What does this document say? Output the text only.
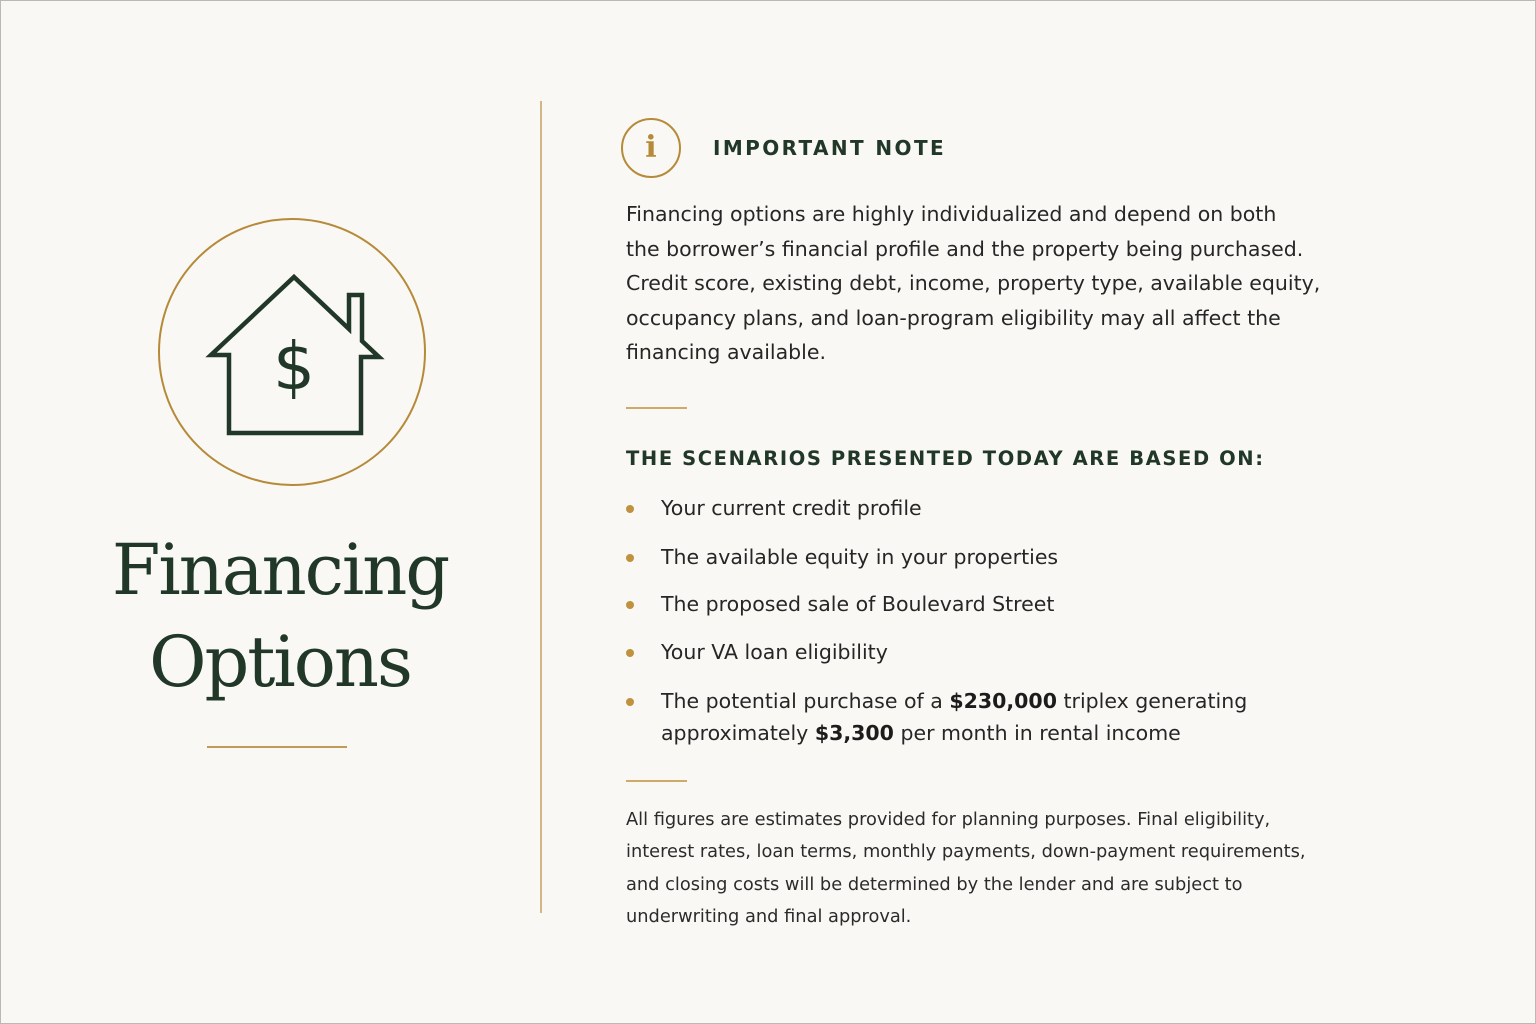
$
Financing
Options
i	IMPORTANT NOTE

Financing options are highly individualized and depend on both
the borrower’s financial profile and the property being purchased.
Credit score, existing debt, income, property type, available equity,
occupancy plans, and loan-program eligibility may all affect the
financing available.

THE SCENARIOS PRESENTED TODAY ARE BASED ON:
Your current credit profile
The available equity in your properties
The proposed sale of Boulevard Street
Your VA loan eligibility
The potential purchase of a $230,000 triplex generating
approximately $3,300 per month in rental income

All figures are estimates provided for planning purposes. Final eligibility,
interest rates, loan terms, monthly payments, down-payment requirements,
and closing costs will be determined by the lender and are subject to
underwriting and final approval.
